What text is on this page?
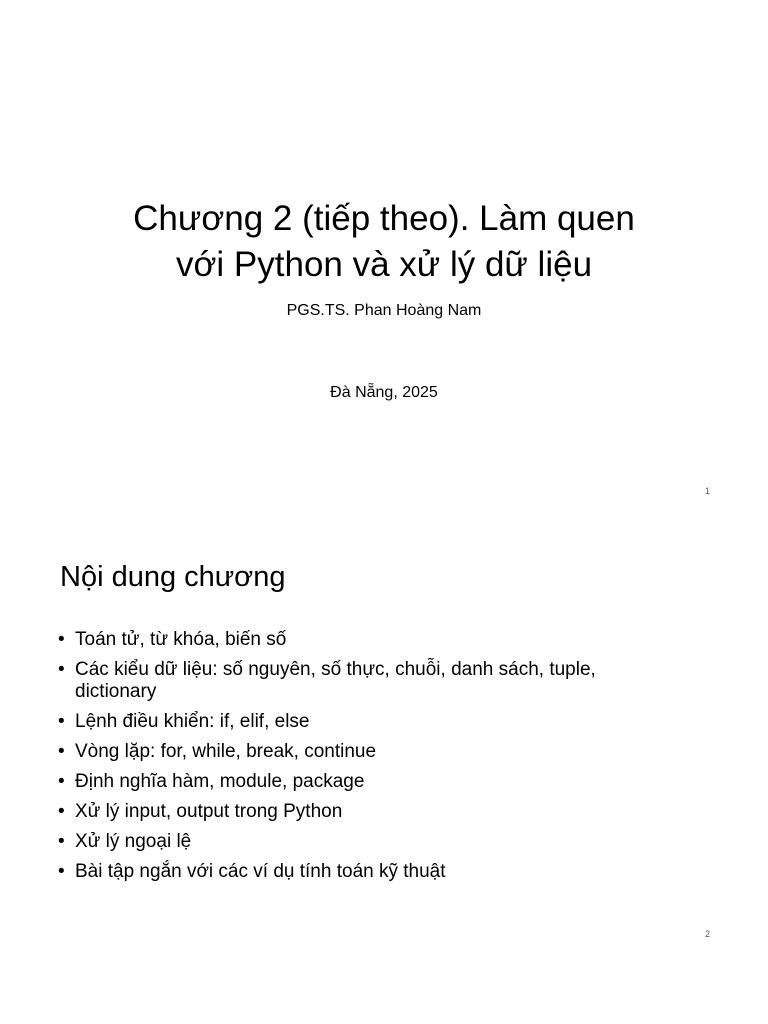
Chương 2 (tiếp theo). Làm quen
với Python và xử lý dữ liệu
PGS.TS. Phan Hoàng Nam
Đà Nẵng, 2025
1
Nội dung chương
• Toán tử, từ khóa, biến số
• Các kiểu dữ liệu: số nguyên, số thực, chuỗi, danh sách, tuple, dictionary
• Lệnh điều khiển: if, elif, else
• Vòng lặp: for, while, break, continue
• Định nghĩa hàm, module, package
• Xử lý input, output trong Python
• Xử lý ngoại lệ
• Bài tập ngắn với các ví dụ tính toán kỹ thuật
2
